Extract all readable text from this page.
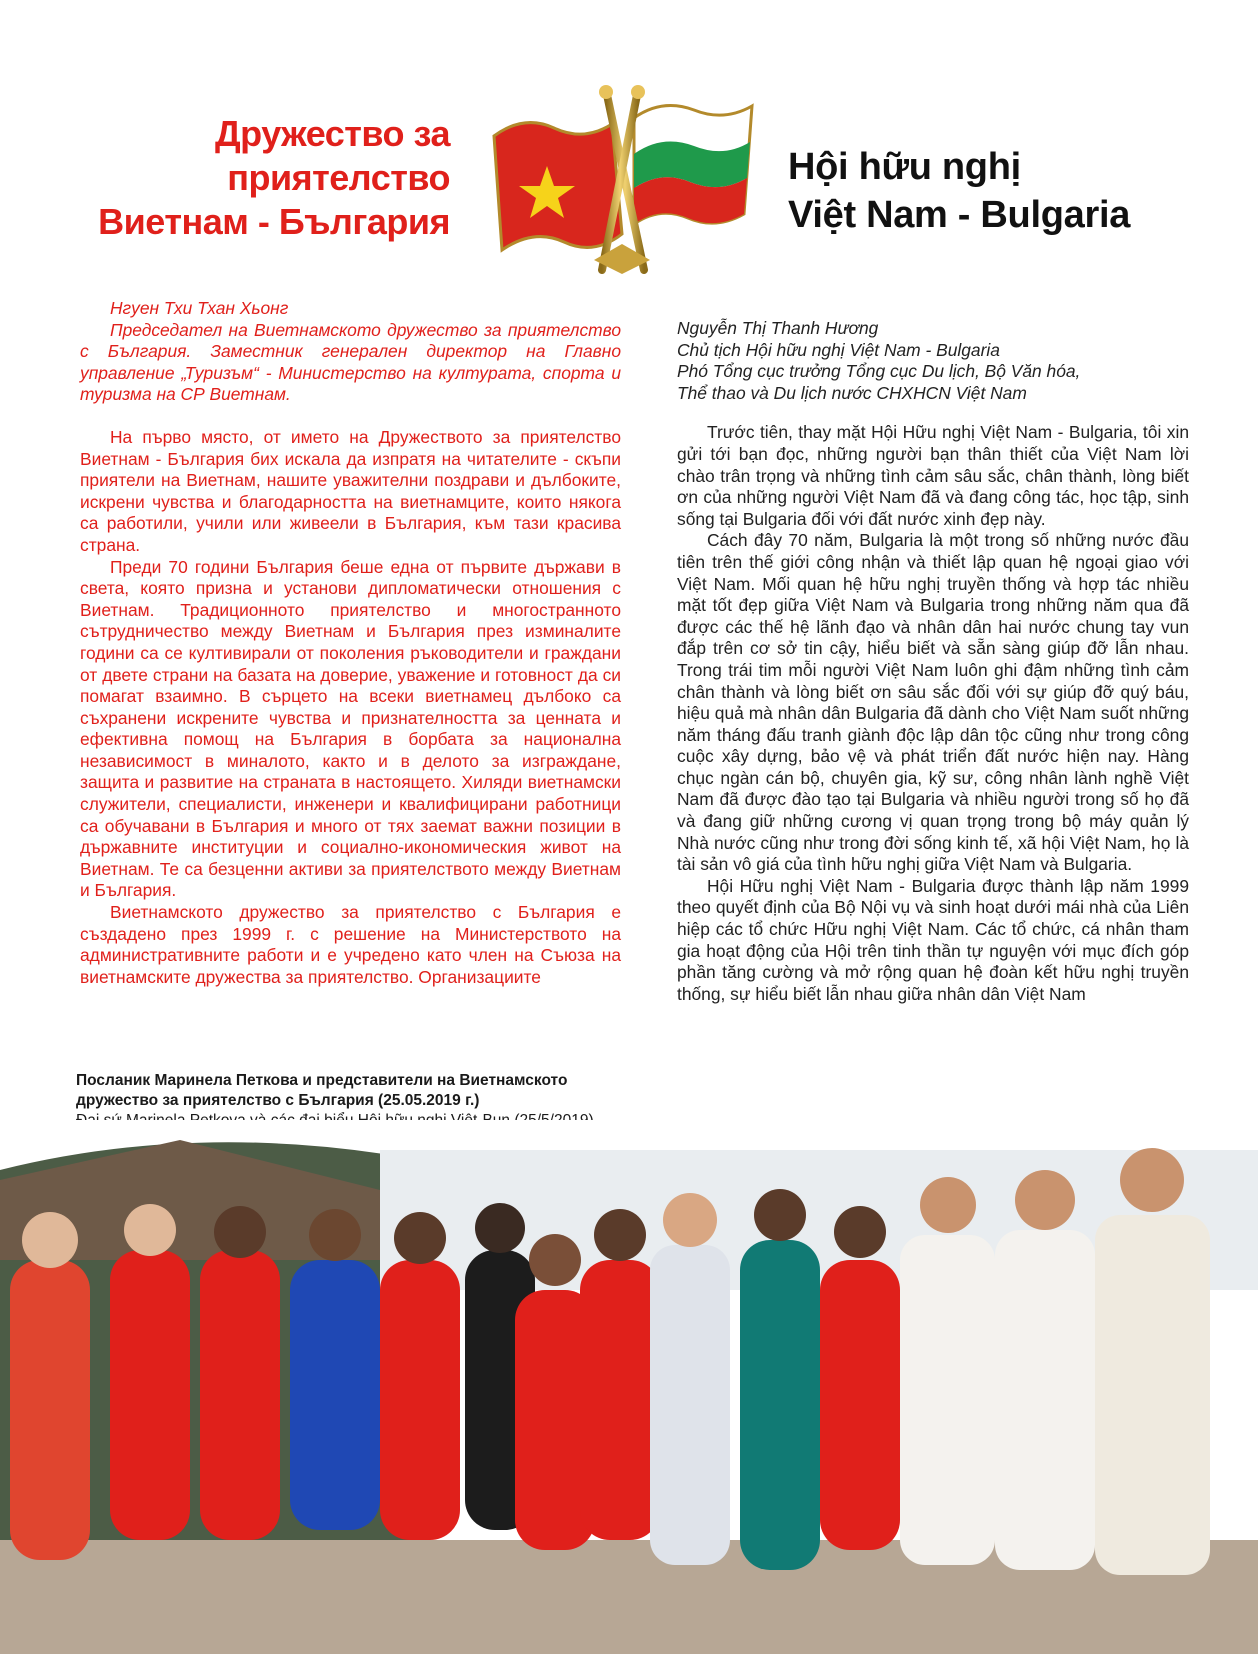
Дружество за
приятелство
Виетнам - България
Hội hữu nghị
Việt Nam - Bulgaria

Нгуен Тхи Тхан Хьонг

Председател на Виетнамското дружество за приятелство с България. Заместник генерален директор на Главно управление „Туризъм“ - Министерство на културата, спорта и туризма на СР Виетнам.

На първо място, от името на Дружеството за приятелство Виетнам - България бих искала да изпратя на читателите - скъпи приятели на Виетнам, нашите уважителни поздрави и дълбоките, искрени чувства и благодарността на виетнамците, които някога са работили, учили или живеели в България, към тази красива страна.

Преди 70 години България беше една от първите държави в света, която призна и установи дипломатически отношения с Виетнам. Традиционното приятелство и многостранното сътрудничество между Виетнам и България през изминалите години са се култивирали от поколения ръководители и граждани от двете страни на базата на доверие, уважение и готовност да си помагат взаимно. В сърцето на всеки виетнамец дълбоко са съхранени искрените чувства и признателността за ценната и ефективна помощ на България в борбата за национална независимост в миналото, както и в делото за изграждане, защита и развитие на страната в настоящето. Хиляди виетнамски служители, специалисти, инженери и квалифицирани работници са обучавани в България и много от тях заемат важни позиции в държавните институции и социално-икономическия живот на Виетнам. Те са безценни активи за приятелството между Виетнам и България.

Виетнамското дружество за приятелство с България е създадено през 1999 г. с решение на Министерството на административните работи и е учредено като член на Съюза на виетнамските дружества за приятелство. Организациите

Nguyễn Thị Thanh Hương

Chủ tịch Hội hữu nghị Việt Nam - Bulgaria

Phó Tổng cục trưởng Tổng cục Du lịch, Bộ Văn hóa,

Thể thao và Du lịch nước CHXHCN Việt Nam

Trước tiên, thay mặt Hội Hữu nghị Việt Nam - Bulgaria, tôi xin gửi tới bạn đọc, những người bạn thân thiết của Việt Nam lời chào trân trọng và những tình cảm sâu sắc, chân thành, lòng biết ơn của những người Việt Nam đã và đang công tác, học tập, sinh sống tại Bulgaria đối với đất nước xinh đẹp này.

Cách đây 70 năm, Bulgaria là một trong số những nước đầu tiên trên thế giới công nhận và thiết lập quan hệ ngoại giao với Việt Nam. Mối quan hệ hữu nghị truyền thống và hợp tác nhiều mặt tốt đẹp giữa Việt Nam và Bulgaria trong những năm qua đã được các thế hệ lãnh đạo và nhân dân hai nước chung tay vun đắp trên cơ sở tin cậy, hiểu biết và sẵn sàng giúp đỡ lẫn nhau. Trong trái tim mỗi người Việt Nam luôn ghi đậm những tình cảm chân thành và lòng biết ơn sâu sắc đối với sự giúp đỡ quý báu, hiệu quả mà nhân dân Bulgaria đã dành cho Việt Nam suốt những năm tháng đấu tranh giành độc lập dân tộc cũng như trong công cuộc xây dựng, bảo vệ và phát triển đất nước hiện nay. Hàng chục ngàn cán bộ, chuyên gia, kỹ sư, công nhân lành nghề Việt Nam đã được đào tạo tại Bulgaria và nhiều người trong số họ đã và đang giữ những cương vị quan trọng trong bộ máy quản lý Nhà nước cũng như trong đời sống kinh tế, xã hội Việt Nam, họ là tài sản vô giá của tình hữu nghị giữa Việt Nam và Bulgaria.

Hội Hữu nghị Việt Nam - Bulgaria được thành lập năm 1999 theo quyết định của Bộ Nội vụ và sinh hoạt dưới mái nhà của Liên hiệp các tổ chức Hữu nghị Việt Nam. Các tổ chức, cá nhân tham gia hoạt động của Hội trên tinh thần tự nguyện với mục đích góp phần tăng cường và mở rộng quan hệ đoàn kết hữu nghị truyền thống, sự hiểu biết lẫn nhau giữa nhân dân Việt Nam

Посланик Маринела Петкова и представители на Виетнамското дружество за приятелство с България (25.05.2019 г.)
